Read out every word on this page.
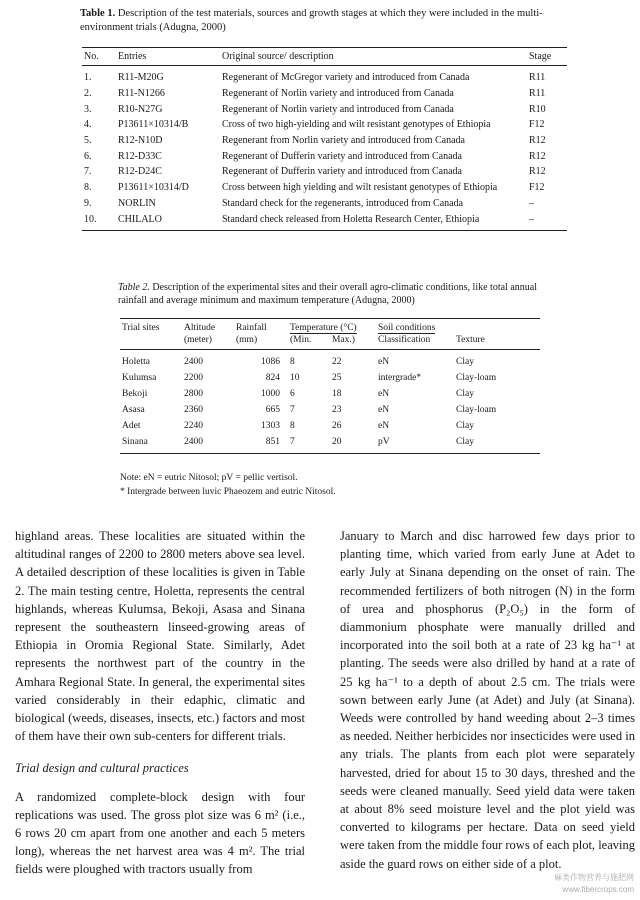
Table 1. Description of the test materials, sources and growth stages at which they were included in the multi-environment trials (Adugna, 2000)
No.	Entries	Original source/ description	Stage
1.	R11-M20G	Regenerant of McGregor variety and introduced from Canada	R11
2.	R11-N1266	Regenerant of Norlin variety and introduced from Canada	R11
3.	R10-N27G	Regenerant of Norlin variety and introduced from Canada	R10
4.	P13611×10314/B	Cross of two high-yielding and wilt resistant genotypes of Ethiopia	F12
5.	R12-N10D	Regenerant from Norlin variety and introduced from Canada	R12
6.	R12-D33C	Regenerant of Dufferin variety and introduced from Canada	R12
7.	R12-D24C	Regenerant of Dufferin variety and introduced from Canada	R12
8.	P13611×10314/D	Cross between high yielding and wilt resistant genotypes of Ethiopia	F12
9.	NORLIN	Standard check for the regenerants, introduced from Canada	–
10.	CHILALO	Standard check released from Holetta Research Center, Ethiopia	–
Table 2. Description of the experimental sites and their overall agro-climatic conditions, like total annual rainfall and average minimum and maximum temperature (Adugna, 2000)
Trial sites	Altitude	Rainfall	Temperature (°C)		Soil conditions	
	(meter)	(mm)	(Min.	Max.)	Classification	Texture
Holetta	2400	1086	8	22	eN	Clay
Kulumsa	2200	824	10	25	intergrade*	Clay-loam
Bekoji	2800	1000	6	18	eN	Clay
Asasa	2360	665	7	23	eN	Clay-loam
Adet	2240	1303	8	26	eN	Clay
Sinana	2400	851	7	20	pV	Clay
Note: eN = eutric Nitosol; pV = pellic vertisol.
* Intergrade between luvic Phaeozem and eutric Nitosol.

highland areas. These localities are situated within the altitudinal ranges of 2200 to 2800 meters above sea level. A detailed description of these localities is given in Table 2. The main testing centre, Holetta, represents the central highlands, whereas Kulumsa, Bekoji, Asasa and Sinana represent the southeastern linseed-growing areas of Ethiopia in Oromia Regional State. Similarly, Adet represents the northwest part of the country in the Amhara Regional State. In general, the experimental sites varied considerably in their edaphic, climatic and biological (weeds, diseases, insects, etc.) factors and most of them have their own sub-centers for different trials.

Trial design and cultural practices

A randomized complete-block design with four replications was used. The gross plot size was 6 m² (i.e., 6 rows 20 cm apart from one another and each 5 meters long), whereas the net harvest area was 4 m². The trial fields were ploughed with tractors usually from

January to March and disc harrowed few days prior to planting time, which varied from early June at Adet to early July at Sinana depending on the onset of rain. The recommended fertilizers of both nitrogen (N) in the form of urea and phosphorus (P₂O₅) in the form of diammonium phosphate were manually drilled and incorporated into the soil both at a rate of 23 kg ha⁻¹ at planting. The seeds were also drilled by hand at a rate of 25 kg ha⁻¹ to a depth of about 2.5 cm. The trials were sown between early June (at Adet) and July (at Sinana). Weeds were controlled by hand weeding about 2–3 times as needed. Neither herbicides nor insecticides were used in any trials. The plants from each plot were separately harvested, dried for about 15 to 30 days, threshed and the seeds were cleaned manually. Seed yield data were taken at about 8% seed moisture level and the plot yield was converted to kilograms per hectare. Data on seed yield were taken from the middle four rows of each plot, leaving aside the guard rows on either side of a plot.

麻类作物营养与施肥网
www.fibercrops.com
